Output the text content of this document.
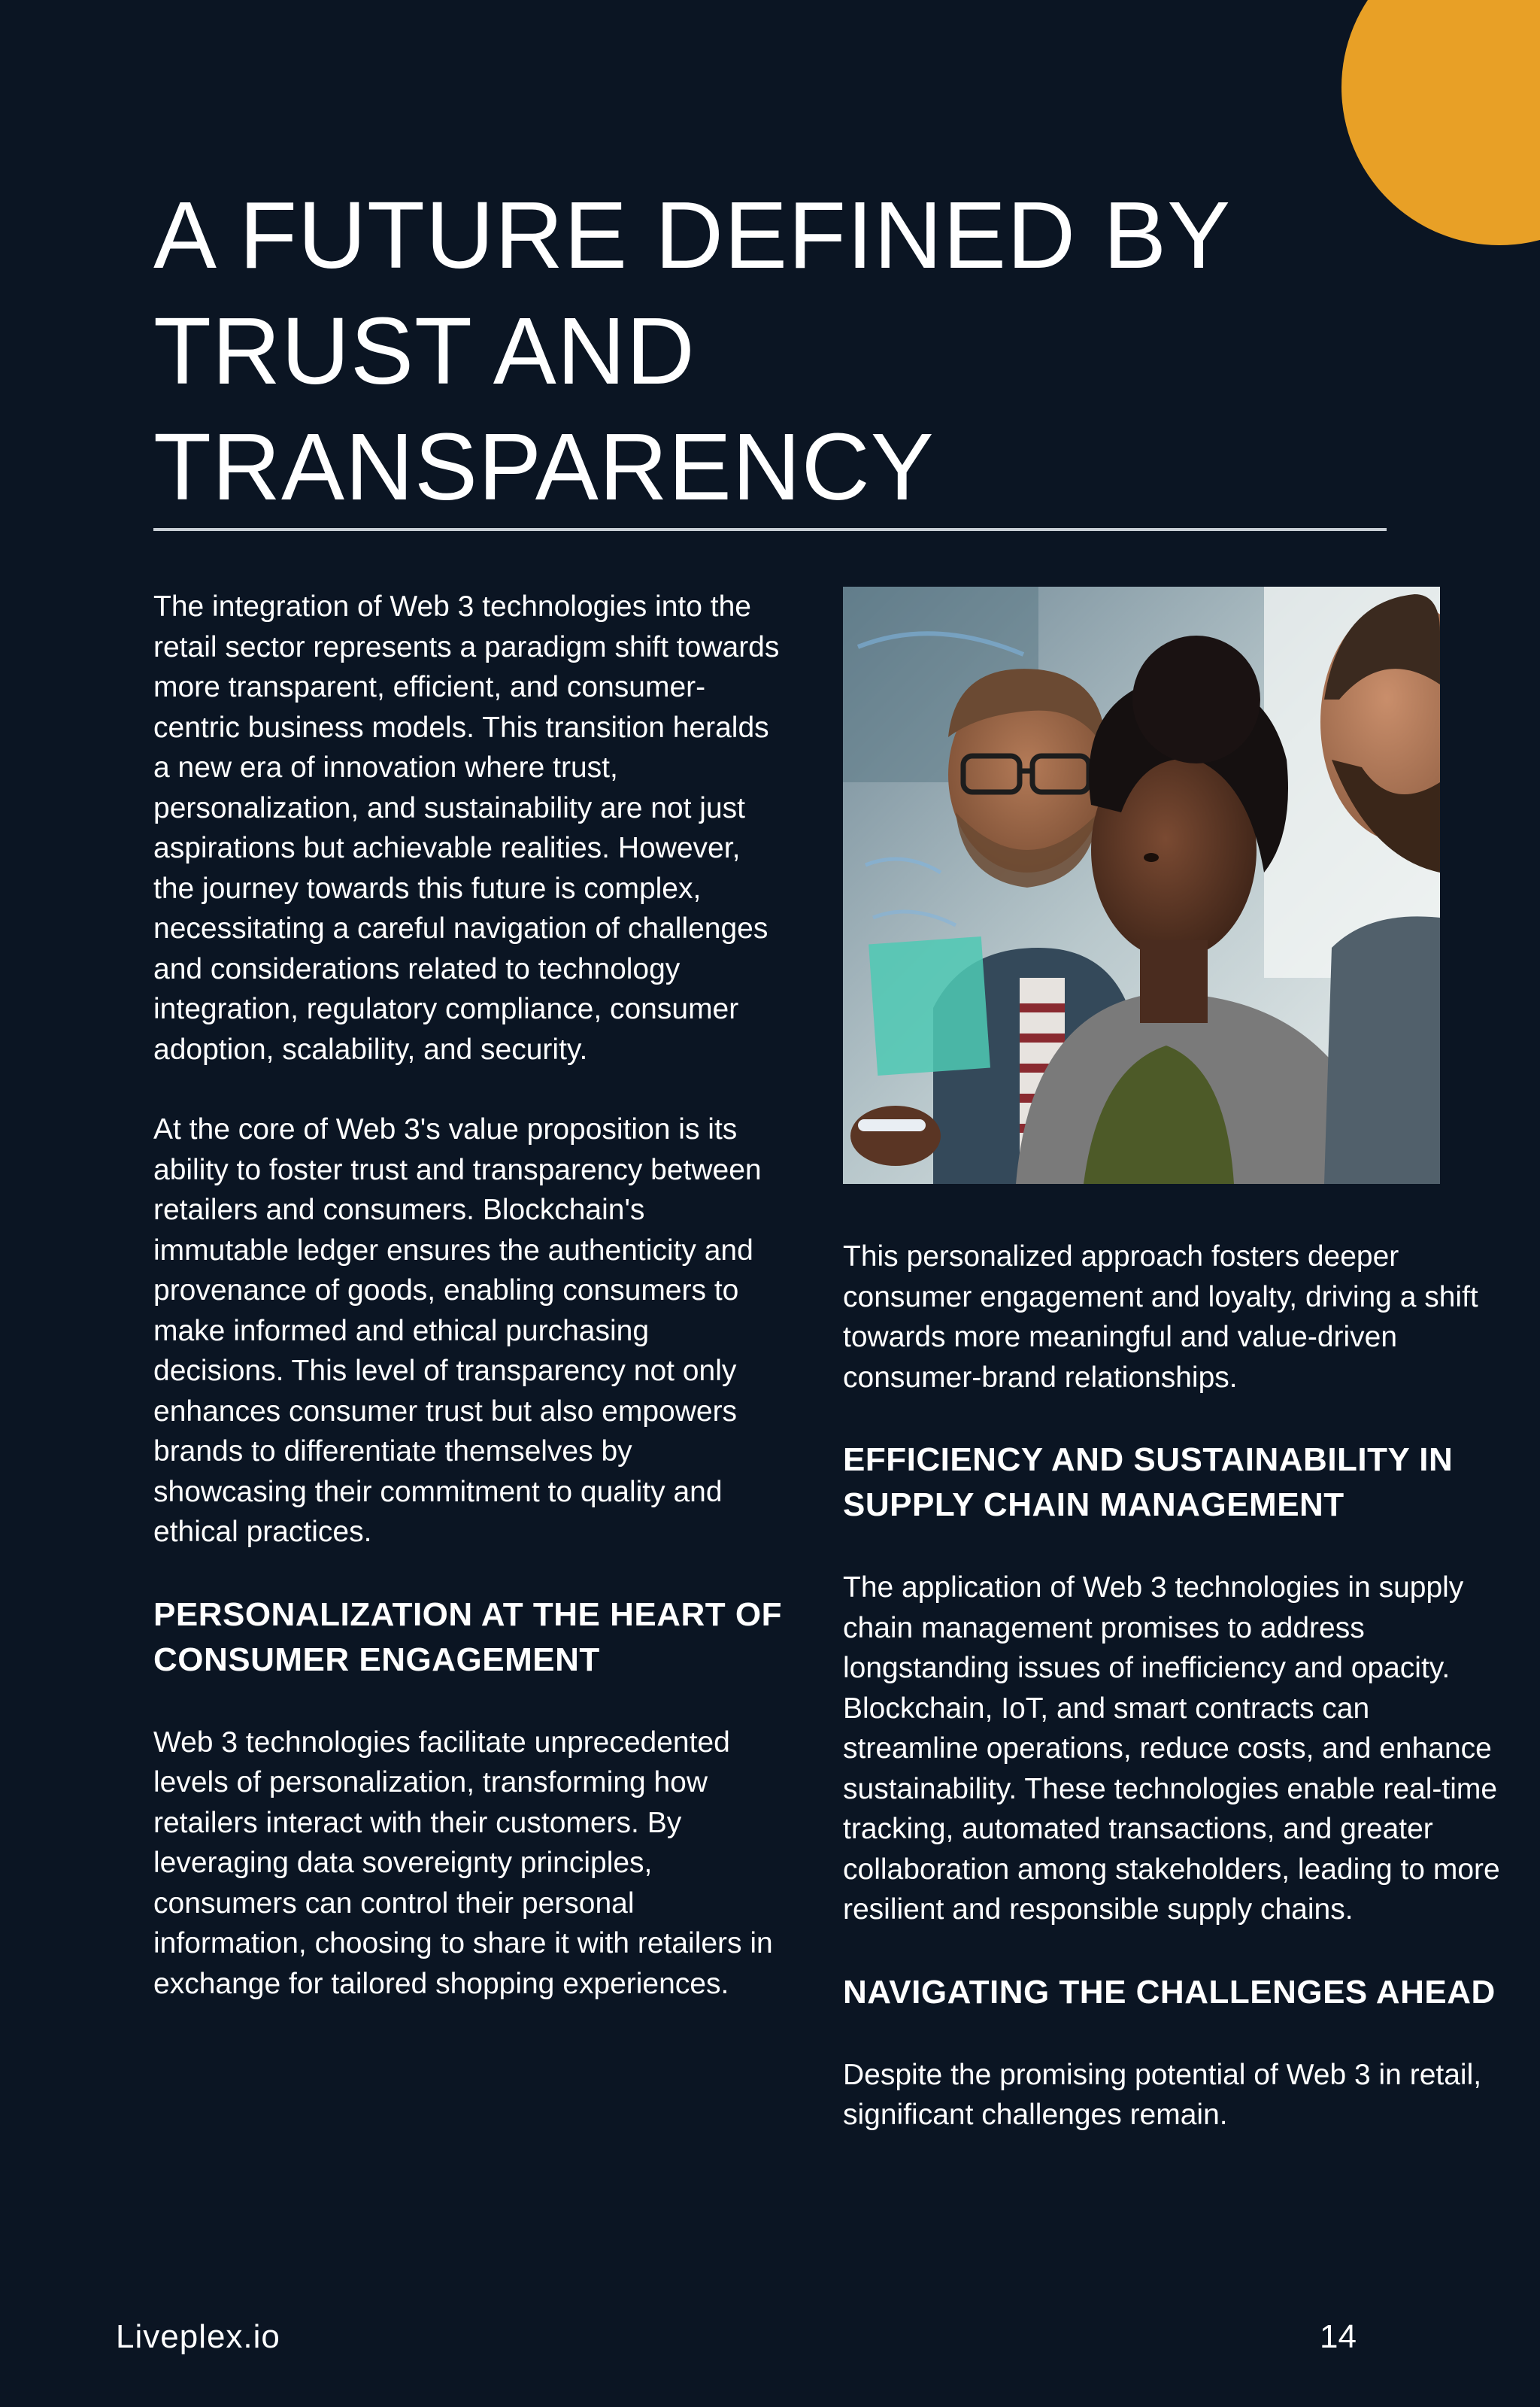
A FUTURE DEFINED BY TRUST AND TRANSPARENCY

The integration of Web 3 technologies into the retail sector represents a paradigm shift towards more transparent, efficient, and consumer-centric business models. This transition heralds a new era of innovation where trust, personalization, and sustainability are not just aspirations but achievable realities. However, the journey towards this future is complex, necessitating a careful navigation of challenges and considerations related to technology integration, regulatory compliance, consumer adoption, scalability, and security.

At the core of Web 3's value proposition is its ability to foster trust and transparency between retailers and consumers. Blockchain's immutable ledger ensures the authenticity and provenance of goods, enabling consumers to make informed and ethical purchasing decisions. This level of transparency not only enhances consumer trust but also empowers brands to differentiate themselves by showcasing their commitment to quality and ethical practices.

PERSONALIZATION AT THE HEART OF CONSUMER ENGAGEMENT

Web 3 technologies facilitate unprecedented levels of personalization, transforming how retailers interact with their customers. By leveraging data sovereignty principles, consumers can control their personal information, choosing to share it with retailers in exchange for tailored shopping experiences.

This personalized approach fosters deeper consumer engagement and loyalty, driving a shift towards more meaningful and value-driven consumer-brand relationships.

EFFICIENCY AND SUSTAINABILITY IN SUPPLY CHAIN MANAGEMENT

The application of Web 3 technologies in supply chain management promises to address longstanding issues of inefficiency and opacity. Blockchain, IoT, and smart contracts can streamline operations, reduce costs, and enhance sustainability. These technologies enable real-time tracking, automated transactions, and greater collaboration among stakeholders, leading to more resilient and responsible supply chains.

NAVIGATING THE CHALLENGES AHEAD

Despite the promising potential of Web 3 in retail, significant challenges remain.

Liveplex.io	14
